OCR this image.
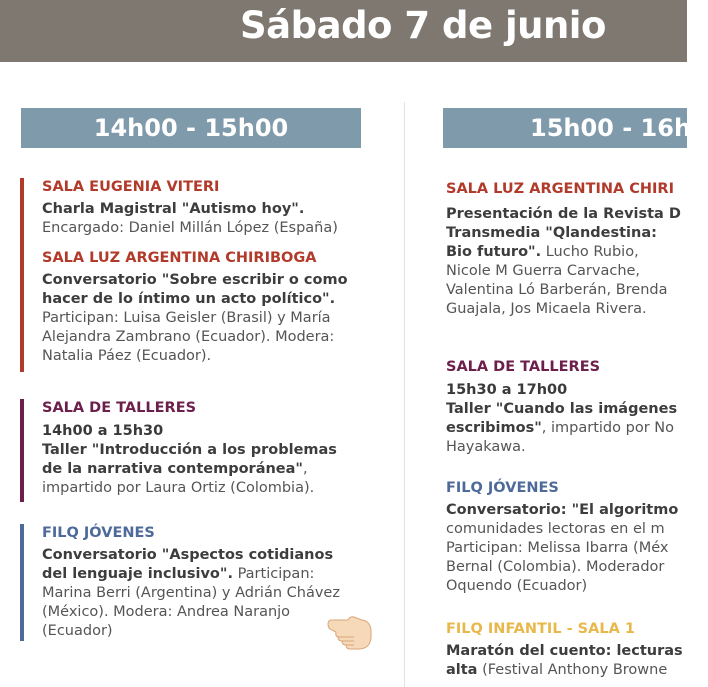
Sábado 7 de junio
14h00 - 15h00
SALA EUGENIA VITERI
Charla Magistral "Autismo hoy". Encargado: Daniel Millán López (España)
SALA LUZ ARGENTINA CHIRIBOGA
Conversatorio "Sobre escribir o como hacer de lo íntimo un acto político". Participan: Luisa Geisler (Brasil) y María Alejandra Zambrano (Ecuador). Modera: Natalia Páez (Ecuador).
SALA DE TALLERES
14h00 a 15h30
Taller "Introducción a los problemas de la narrativa contemporánea", impartido por Laura Ortiz (Colombia).
FILQ JÓVENES
Conversatorio "Aspectos cotidianos del lenguaje inclusivo". Participan: Marina Berri (Argentina) y Adrián Chávez (México). Modera: Andrea Naranjo (Ecuador)
15h00 - 16h0
SALA LUZ ARGENTINA CHIRI
Presentación de la Revista D Transmedia "Qlandestina: Bio futuro". Lucho Rubio, Nicole M Guerra Carvache, Valentina Ló Barberán, Brenda Guajala, Jos Micaela Rivera.
SALA DE TALLERES
15h30 a 17h00
Taller "Cuando las imágenes escribimos", impartido por No Hayakawa.
FILQ JÓVENES
Conversatorio: "El algoritmo comunidades lectoras en el m Participan: Melissa Ibarra (Méx Bernal (Colombia). Moderador Oquendo (Ecuador)
FILQ INFANTIL - SALA 1
Maratón del cuento: lecturas alta (Festival Anthony Browne
